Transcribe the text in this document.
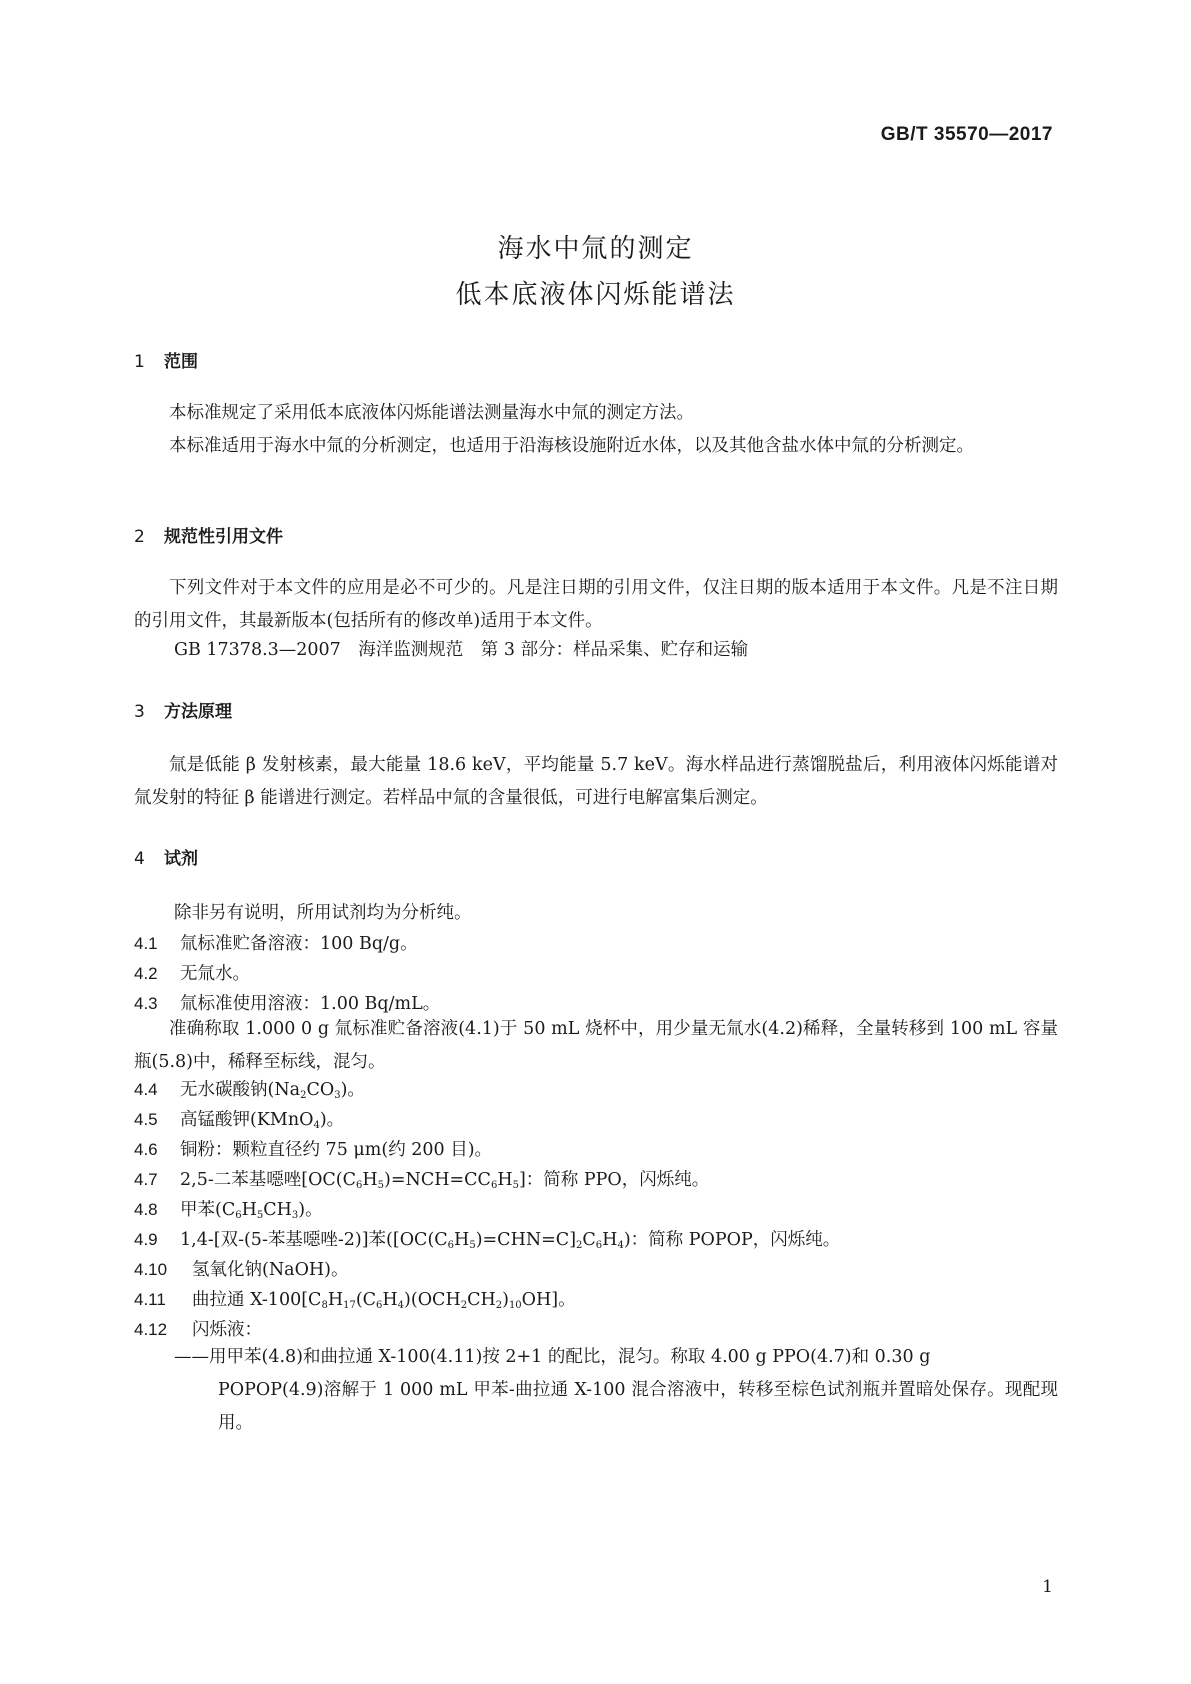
GB/T 35570—2017
海水中氚的测定
低本底液体闪烁能谱法
1 范围

本标准规定了采用低本底液体闪烁能谱法测量海水中氚的测定方法。

本标准适用于海水中氚的分析测定，也适用于沿海核设施附近水体，以及其他含盐水体中氚的分析测定。

2 规范性引用文件

下列文件对于本文件的应用是必不可少的。凡是注日期的引用文件，仅注日期的版本适用于本文件。凡是不注日期的引用文件，其最新版本(包括所有的修改单)适用于本文件。

GB 17378.3—2007　海洋监测规范　第 3 部分：样品采集、贮存和运输
3 方法原理

氚是低能 β 发射核素，最大能量 18.6 keV，平均能量 5.7 keV。海水样品进行蒸馏脱盐后，利用液体闪烁能谱对氚发射的特征 β 能谱进行测定。若样品中氚的含量很低，可进行电解富集后测定。

4 试剂
除非另有说明，所用试剂均为分析纯。
4.1 氚标准贮备溶液：100 Bq/g。
4.2 无氚水。
4.3 氚标准使用溶液：1.00 Bq/mL。

准确称取 1.000 0 g 氚标准贮备溶液(4.1)于 50 mL 烧杯中，用少量无氚水(4.2)稀释，全量转移到 100 mL 容量瓶(5.8)中，稀释至标线，混匀。

4.4 无水碳酸钠$(Na_2CO_3)$。
4.5 高锰酸钾(KMnO$_4$)。
4.6 铜粉：颗粒直径约 75 μm(约 200 目)。
4.7 2,5-二苯基噁唑$[OC(C_6H_5)=NCH=CC_6H_5]$：简称 PPO，闪烁纯。
4.8 甲苯$(C_6H_5CH_3)$。
4.9 1,4-[双-(5-苯基噁唑-2)]苯$([OC(C_6H_5)=CHN=C]_2C_6H_4)$：简称 POPOP，闪烁纯。
4.10 氢氧化钠(NaOH)。
4.11 曲拉通 $X-100[C_8H_{17}(C_6H_4)(OCH_2CH_2)_{10}OH]$。
4.12 闪烁液：
——用甲苯(4.8)和曲拉通 X-100(4.11)按 2+1 的配比，混匀。称取 4.00 g PPO(4.7)和 0.30 g
POPOP(4.9)溶解于 1 000 mL 甲苯-曲拉通 X-100 混合溶液中，转移至棕色试剂瓶并置暗处保存。现配现用。
1
